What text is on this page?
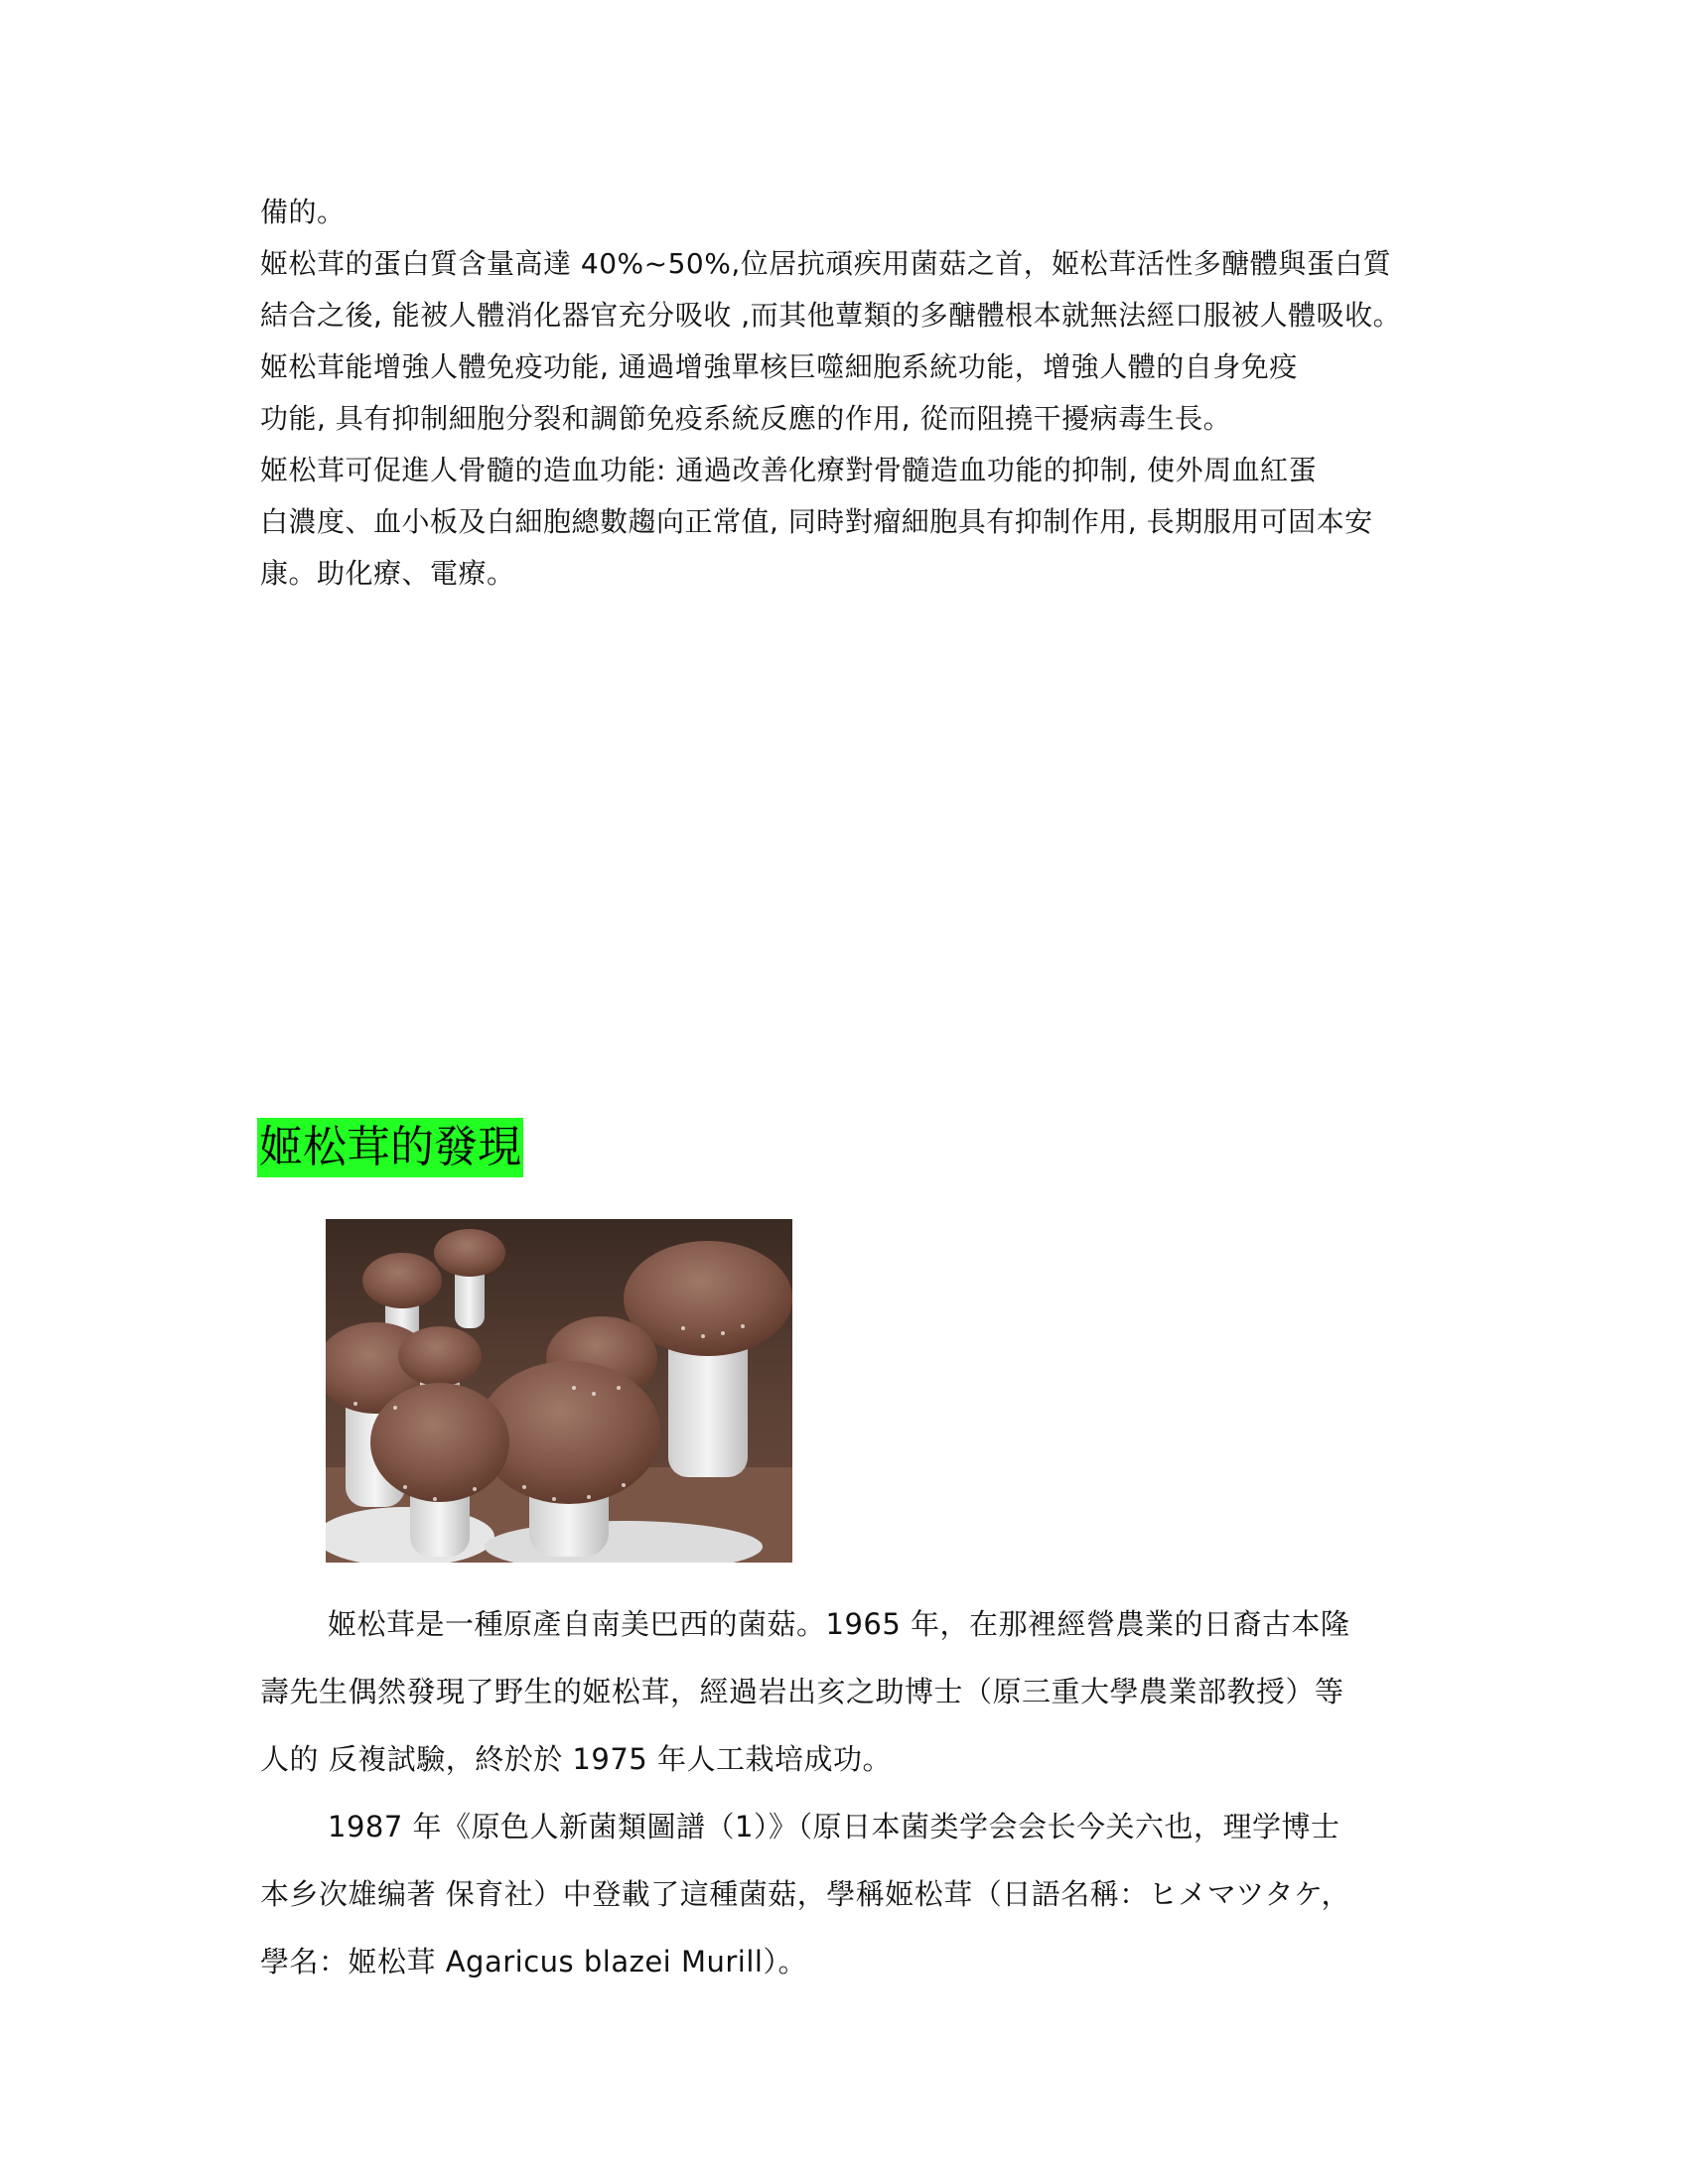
備的。
姬松茸的蛋白質含量高達 40%~50%,位居抗頑疾用菌菇之首，姬松茸活性多醣體與蛋白質
結合之後, 能被人體消化器官充分吸收 ,而其他蕈類的多醣體根本就無法經口服被人體吸收。
姬松茸能增強人體免疫功能, 通過增強單核巨噬細胞系統功能，增強人體的自身免疫
功能, 具有抑制細胞分裂和調節免疫系統反應的作用, 從而阻撓干擾病毒生長。
姬松茸可促進人骨髓的造血功能: 通過改善化療對骨髓造血功能的抑制, 使外周血紅蛋
白濃度、血小板及白細胞總數趨向正常值, 同時對瘤細胞具有抑制作用, 長期服用可固本安
康。助化療、電療。
姬松茸的發現
姬松茸是一種原產自南美巴西的菌菇。1965 年，在那裡經營農業的日裔古本隆
壽先生偶然發現了野生的姬松茸，經過岩出亥之助博士（原三重大學農業部教授）等
人的 反複試驗，終於於 1975 年人工栽培成功。
1987 年《原色人新菌類圖譜（1）》（原日本菌类学会会长今关六也，理学博士
本乡次雄编著 保育社）中登載了這種菌菇，學稱姬松茸（日語名稱：ヒメマツタケ，
學名：姬松茸 Agaricus blazei Murill）。
